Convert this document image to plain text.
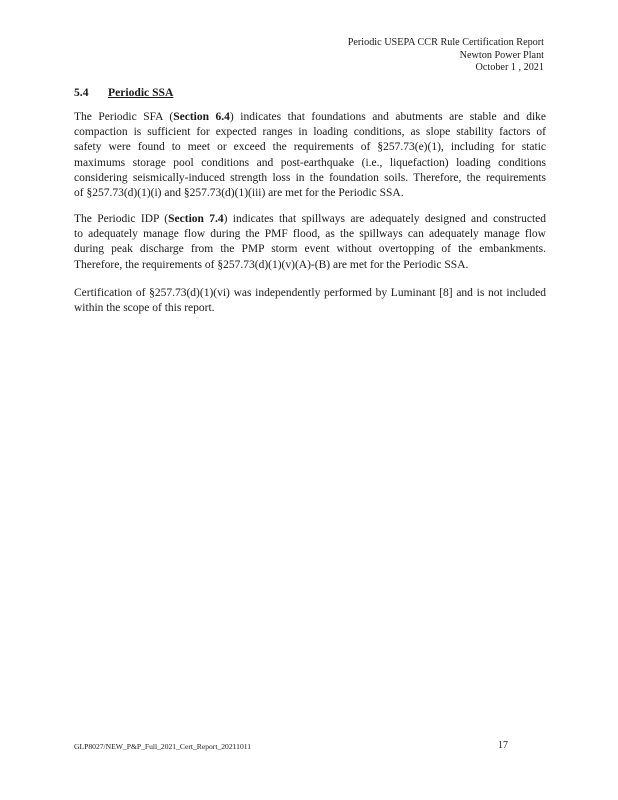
Periodic USEPA CCR Rule Certification Report
Newton Power Plant
October 1 , 2021
5.4 Periodic SSA

The Periodic SFA (Section 6.4) indicates that foundations and abutments are stable and dike
compaction is sufficient for expected ranges in loading conditions, as slope stability factors of
safety were found to meet or exceed the requirements of §257.73(e)(1), including for static
maximums storage pool conditions and post-earthquake (i.e., liquefaction) loading conditions
considering seismically-induced strength loss in the foundation soils. Therefore, the requirements
of §257.73(d)(1)(i) and §257.73(d)(1)(iii) are met for the Periodic SSA.

The Periodic IDP (Section 7.4) indicates that spillways are adequately designed and constructed
to adequately manage flow during the PMF flood, as the spillways can adequately manage flow
during peak discharge from the PMP storm event without overtopping of the embankments.
Therefore, the requirements of §257.73(d)(1)(v)(A)-(B) are met for the Periodic SSA.

Certification of §257.73(d)(1)(vi) was independently performed by Luminant [8] and is not included
within the scope of this report.

GLP8027/NEW_P&P_Full_2021_Cert_Report_20211011	17
